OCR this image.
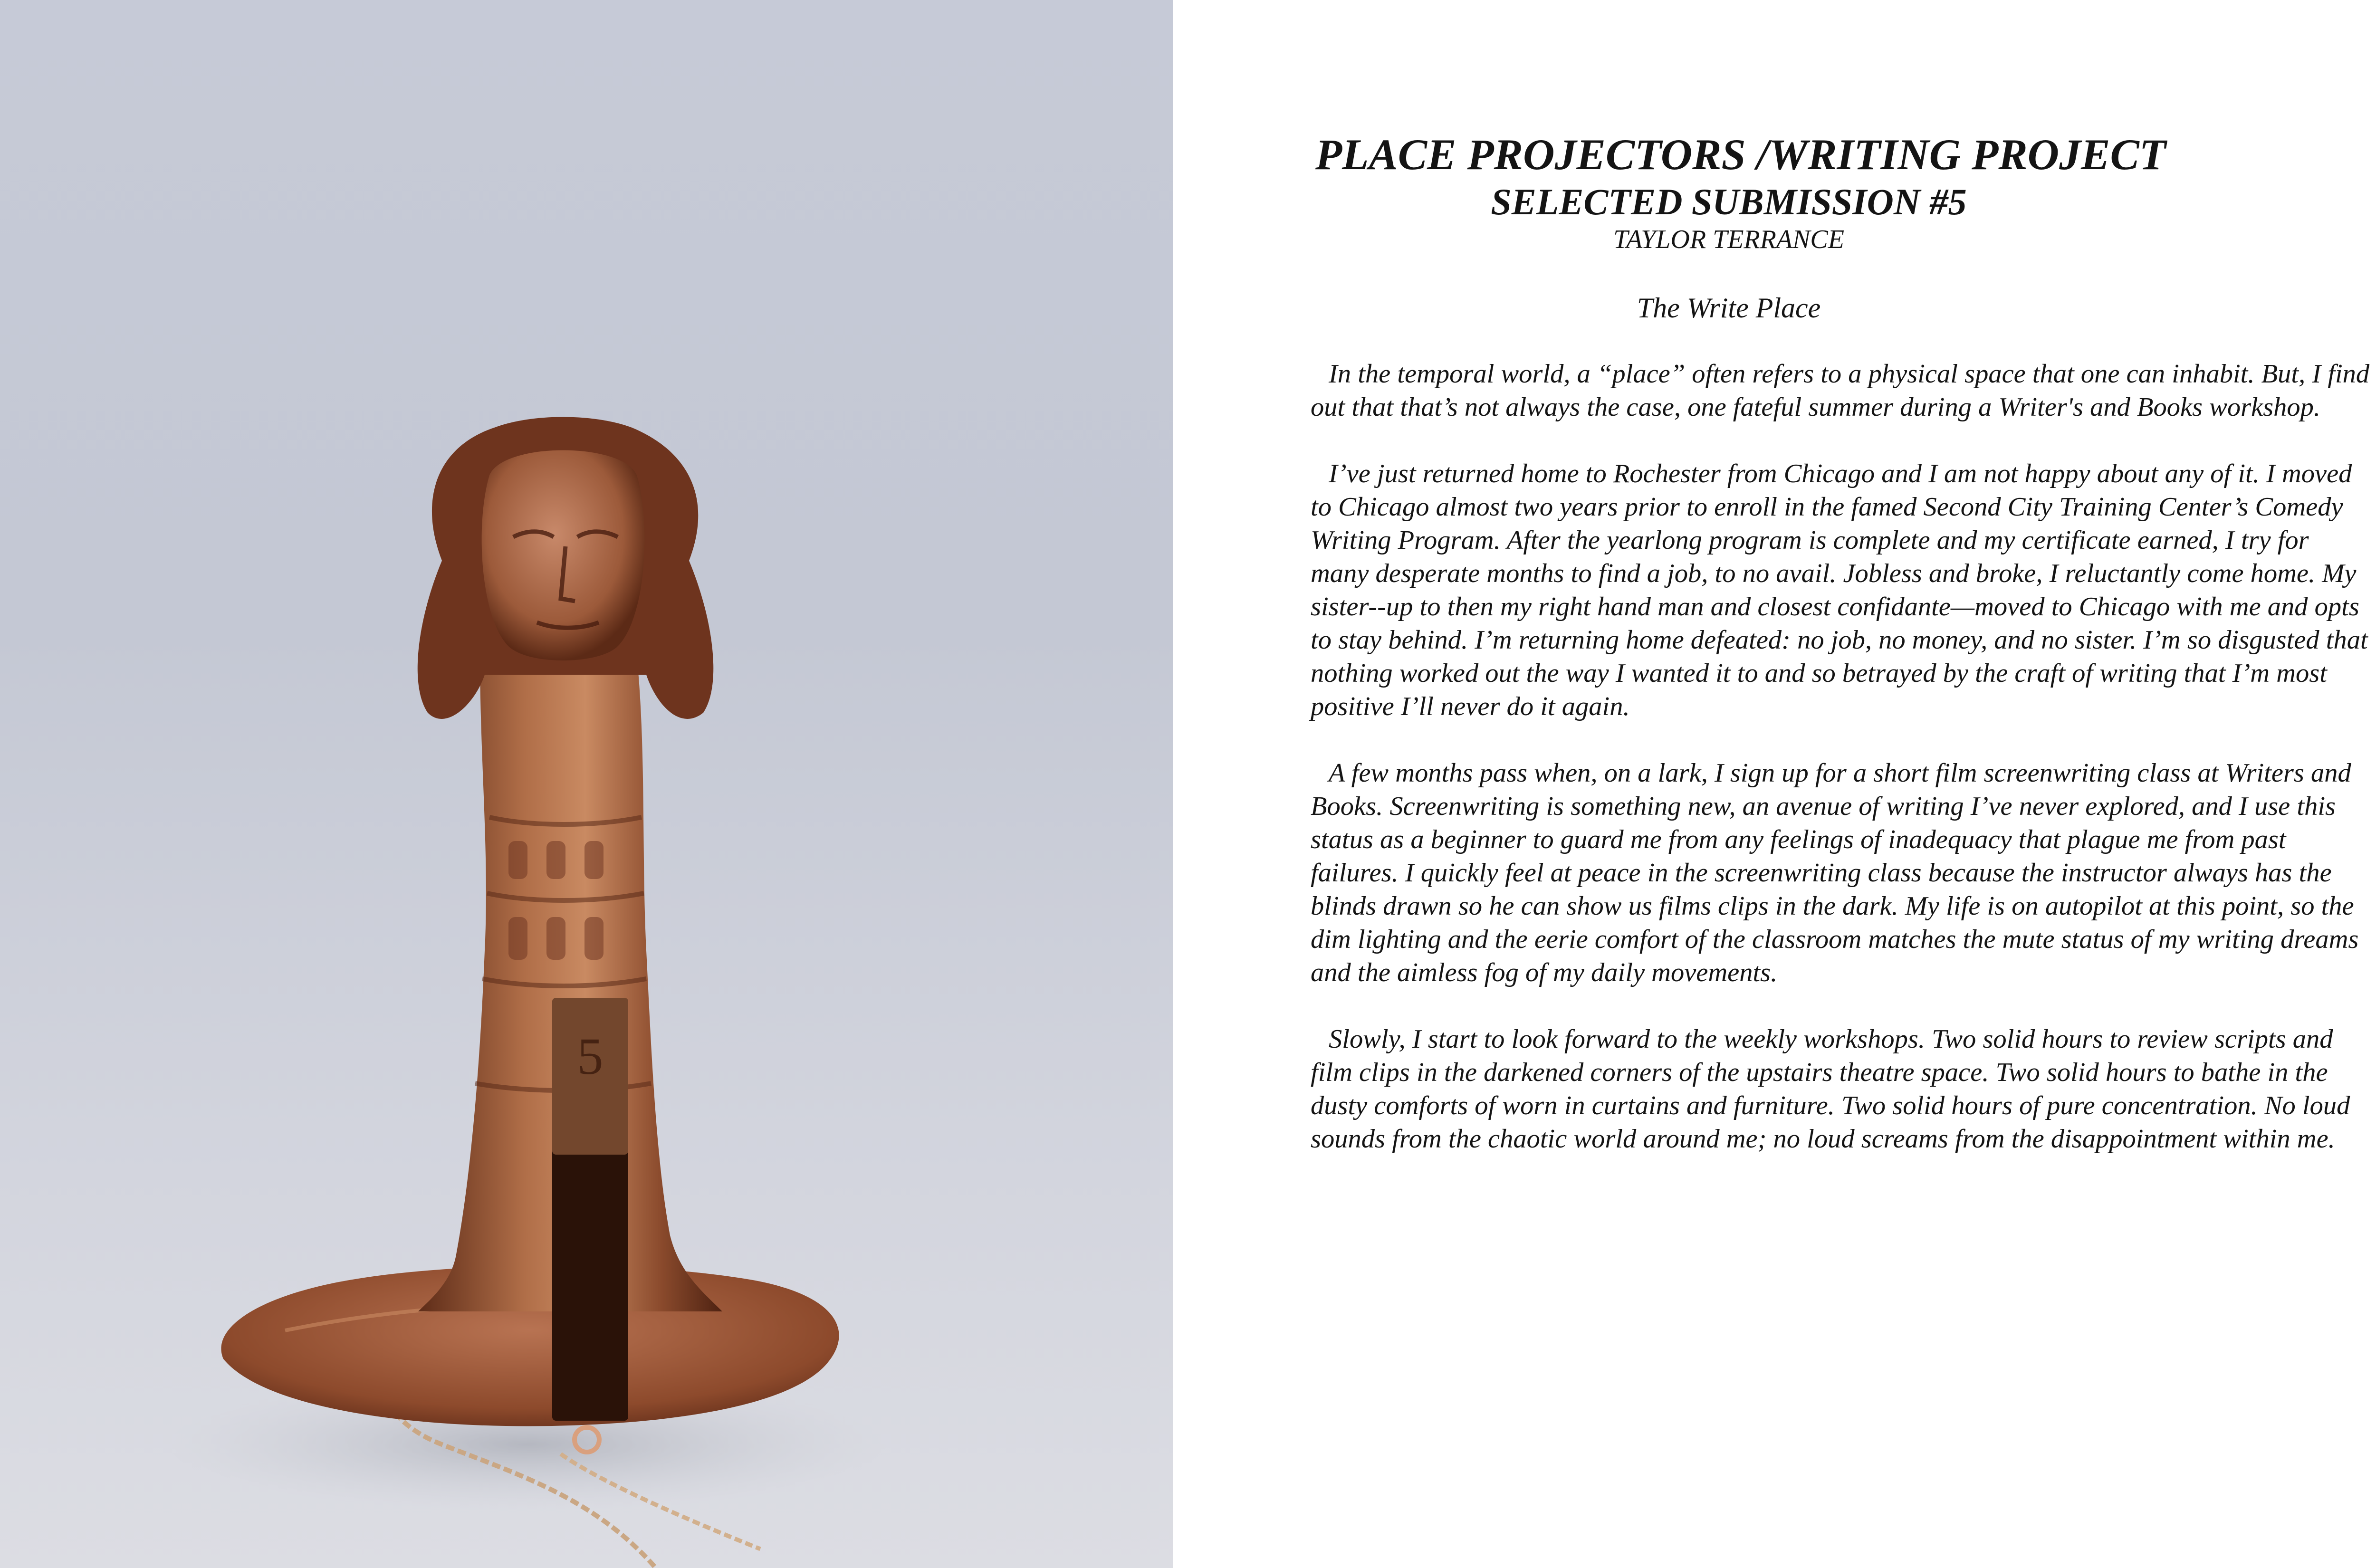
5
PLACE PROJECTORS /WRITING PROJECT
SELECTED SUBMISSION #5
TAYLOR TERRANCE
The Write Place

In the temporal world, a “place” often refers to a physical space that one can inhabit. But, I find out that that’s not always the case, one fateful summer during a Writer's and Books workshop.

I’ve just returned home to Rochester from Chicago and I am not happy about any of it. I moved to Chicago almost two years prior to enroll in the famed Second City Training Center’s Comedy Writing Program. After the yearlong program is complete and my certificate earned, I try for many desperate months to find a job, to no avail. Jobless and broke, I reluctantly come home. My sister--up to then my right hand man and closest confidante—moved to Chicago with me and opts to stay behind. I’m returning home defeated: no job, no money, and no sister. I’m so disgusted that nothing worked out the way I wanted it to and so betrayed by the craft of writing that I’m most positive I’ll never do it again.

A few months pass when, on a lark, I sign up for a short film screenwriting class at Writers and Books. Screenwriting is something new, an avenue of writing I’ve never explored, and I use this status as a beginner to guard me from any feelings of inadequacy that plague me from past failures. I quickly feel at peace in the screenwriting class because the instructor always has the blinds drawn so he can show us films clips in the dark. My life is on autopilot at this point, so the dim lighting and the eerie comfort of the classroom matches the mute status of my writing dreams and the aimless fog of my daily movements.

Slowly, I start to look forward to the weekly workshops. Two solid hours to review scripts and film clips in the darkened corners of the upstairs theatre space. Two solid hours to bathe in the dusty comforts of worn in curtains and furniture. Two solid hours of pure concentration. No loud sounds from the chaotic world around me; no loud screams from the disappointment within me.
